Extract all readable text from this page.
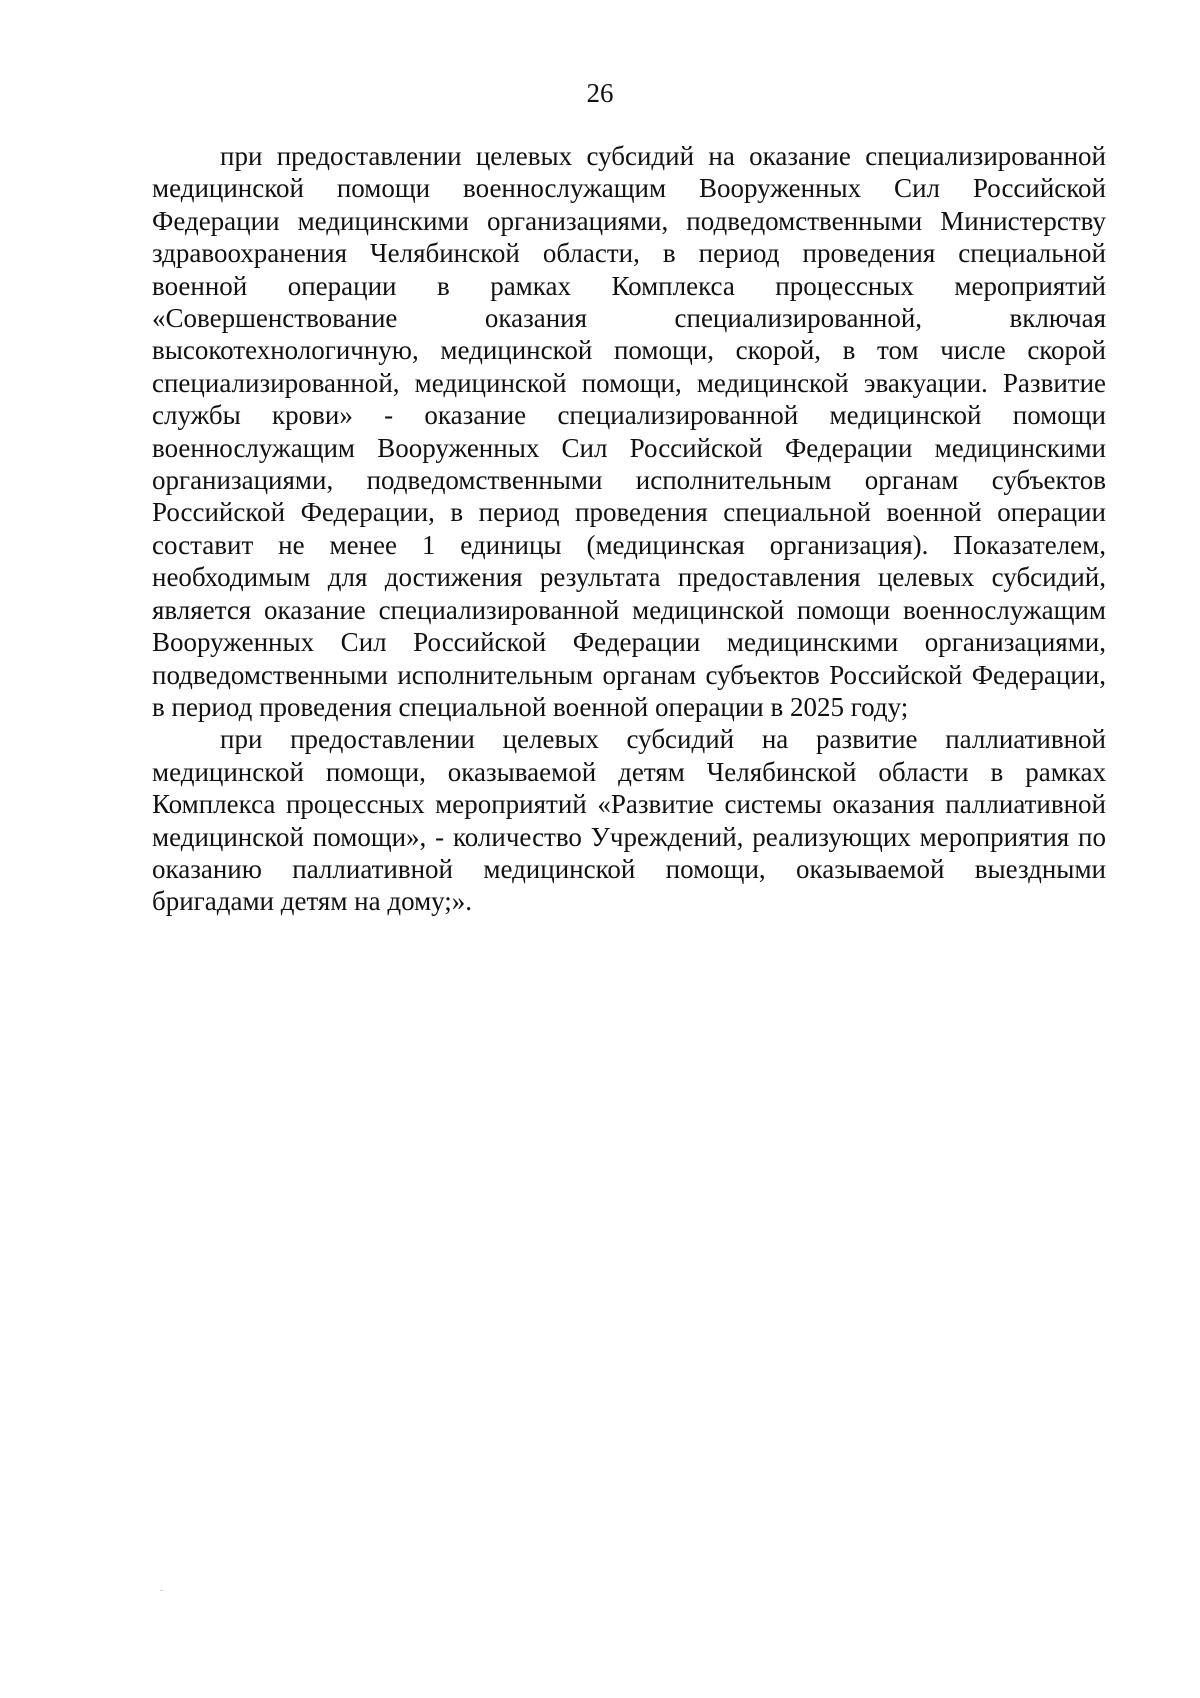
26

при предоставлении целевых субсидий на оказание специализированной медицинской помощи военнослужащим Вооруженных Сил Российской Федерации медицинскими организациями, подведомственными Министерству здравоохранения Челябинской области, в период проведения специальной военной операции в рамках Комплекса процессных мероприятий «Совершенствование оказания специализированной, включая высокотехнологичную, медицинской помощи, скорой, в том числе скорой специализированной, медицинской помощи, медицинской эвакуации. Развитие службы крови» - оказание специализированной медицинской помощи военнослужащим Вооруженных Сил Российской Федерации медицинскими организациями, подведомственными исполнительным органам субъектов Российской Федерации, в период проведения специальной военной операции составит не менее 1 единицы (медицинская организация). Показателем, необходимым для достижения результата предоставления целевых субсидий, является оказание специализированной медицинской помощи военнослужащим Вооруженных Сил Российской Федерации медицинскими организациями, подведомственными исполнительным органам субъектов Российской Федерации, в период проведения специальной военной операции в 2025 году;

при предоставлении целевых субсидий на развитие паллиативной медицинской помощи, оказываемой детям Челябинской области в рамках Комплекса процессных мероприятий «Развитие системы оказания паллиативной медицинской помощи», - количество Учреждений, реализующих мероприятия по оказанию паллиативной медицинской помощи, оказываемой выездными бригадами детям на дому;».
